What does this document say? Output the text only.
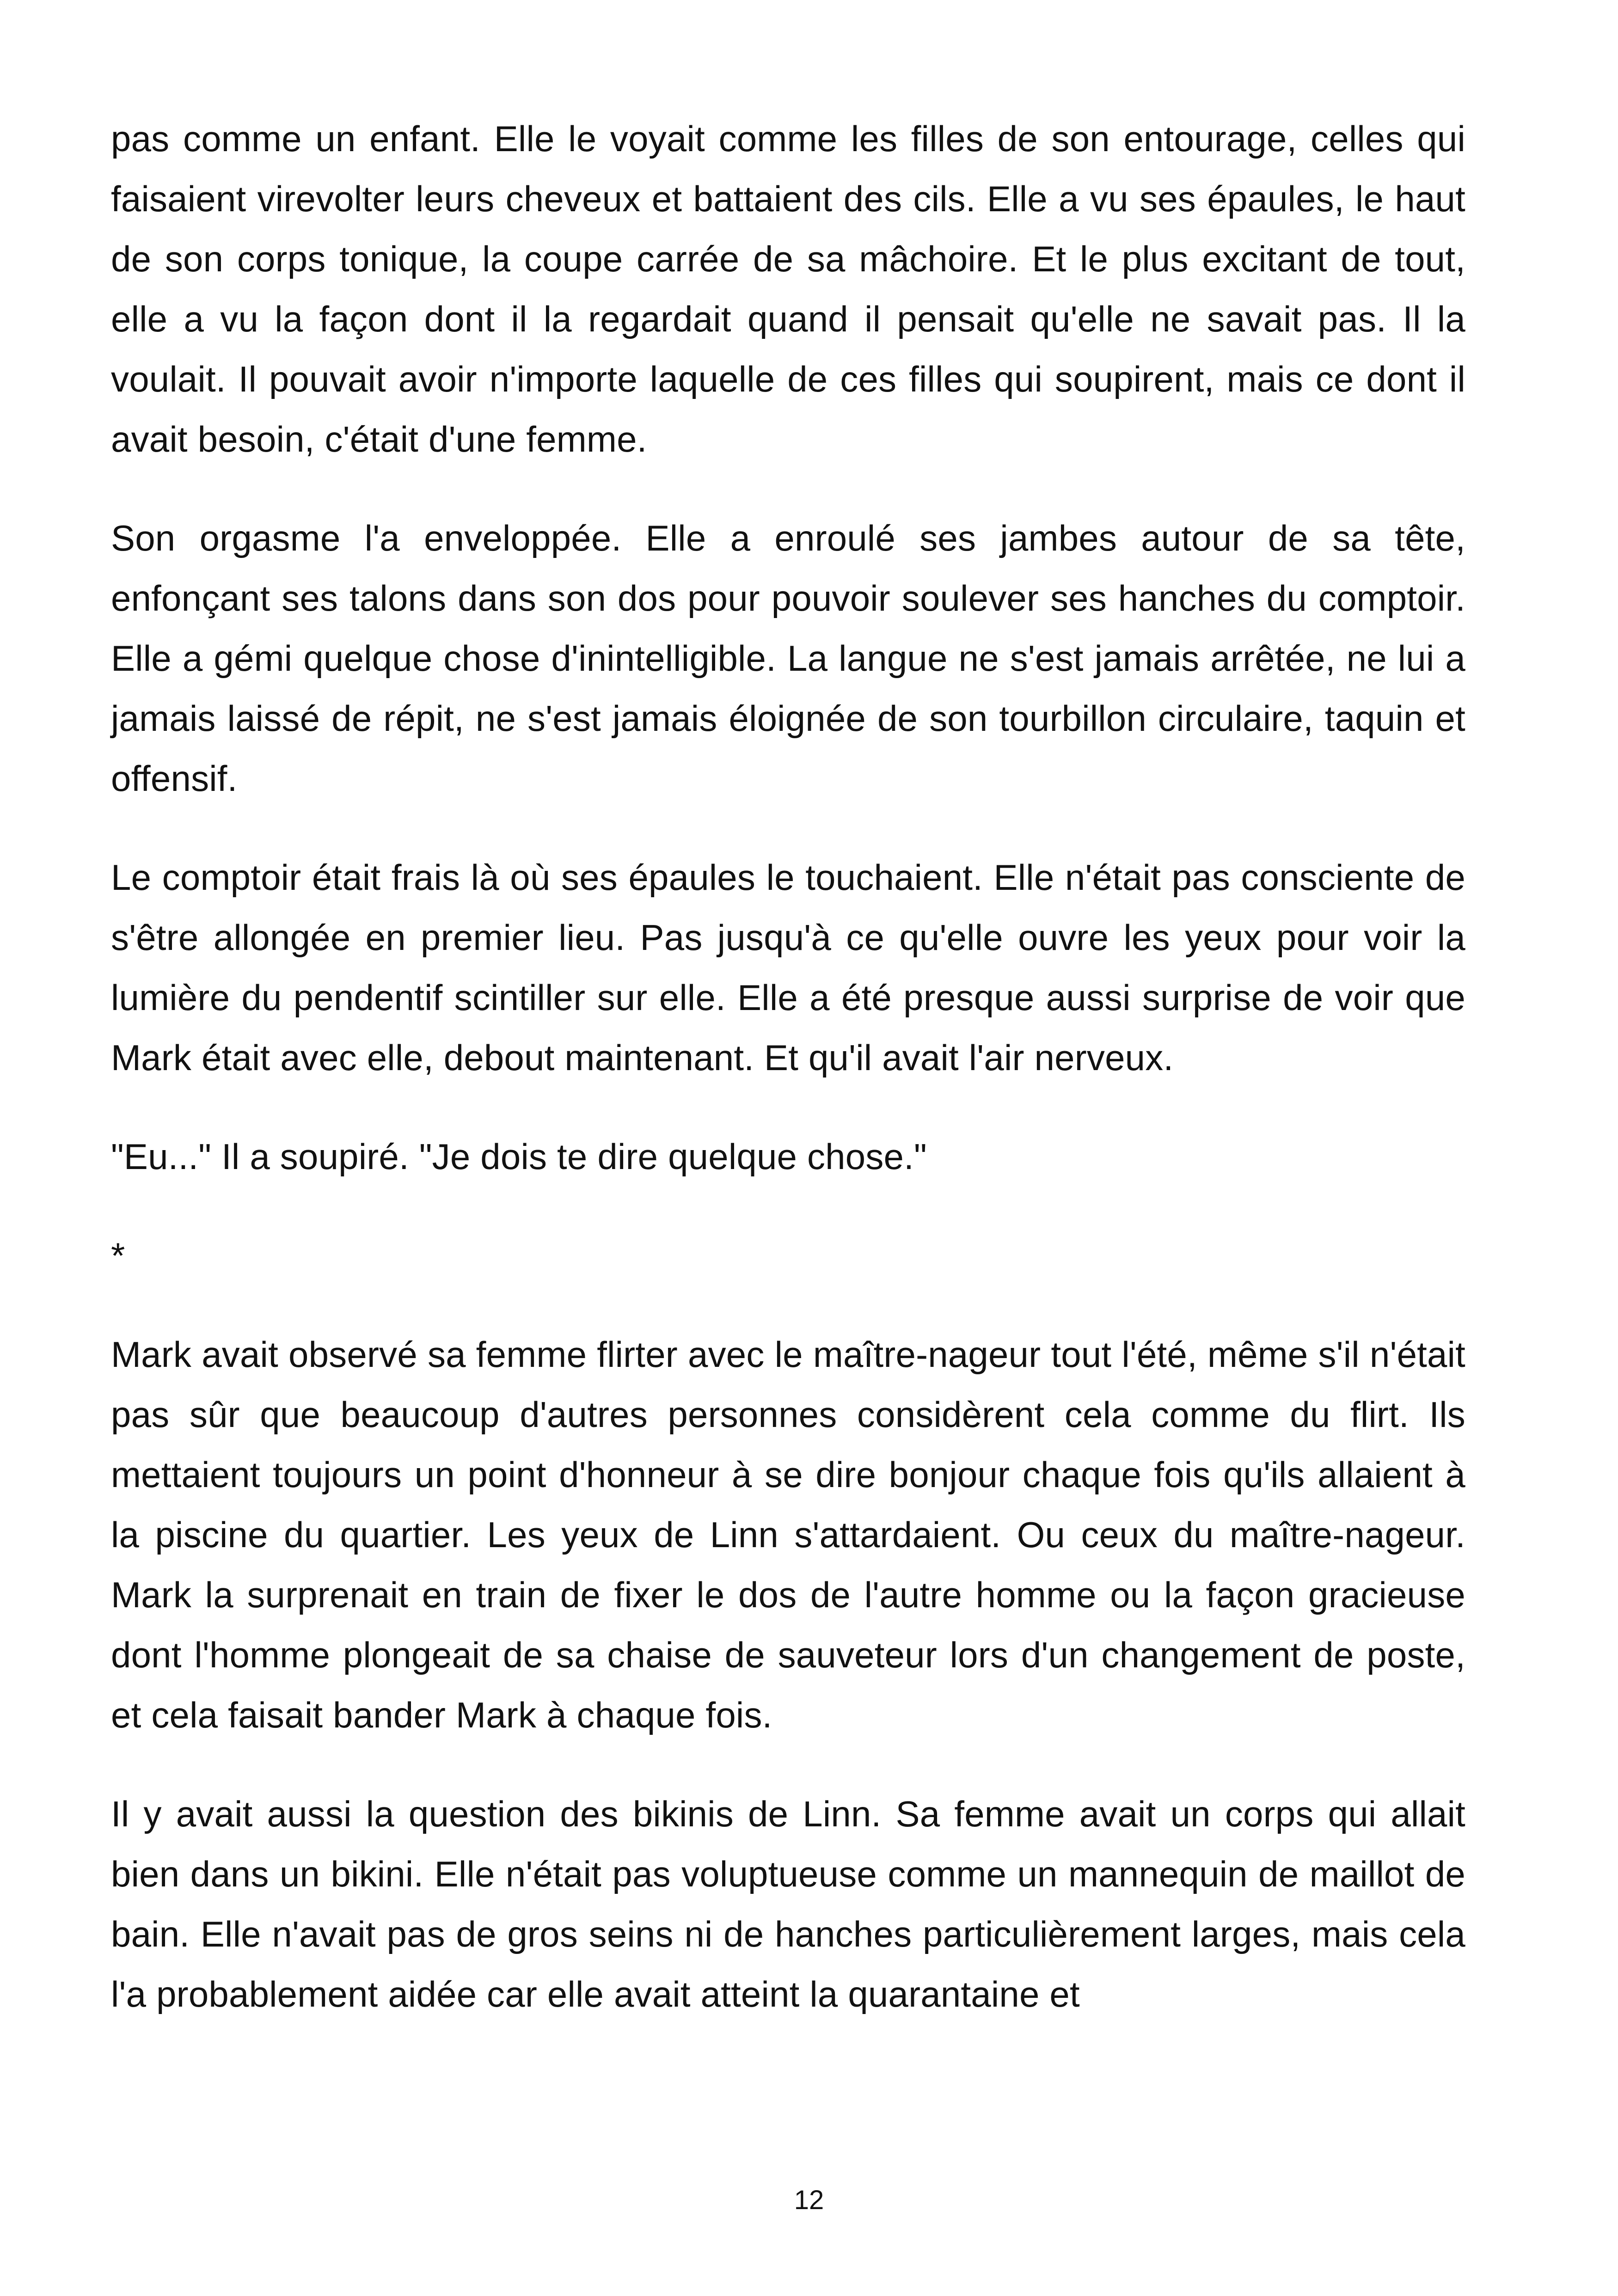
pas comme un enfant. Elle le voyait comme les filles de son entourage, celles qui faisaient virevolter leurs cheveux et battaient des cils. Elle a vu ses épaules, le haut de son corps tonique, la coupe carrée de sa mâchoire. Et le plus excitant de tout, elle a vu la façon dont il la regardait quand il pensait qu'elle ne savait pas. Il la voulait. Il pouvait avoir n'importe laquelle de ces filles qui soupirent, mais ce dont il avait besoin, c'était d'une femme.

Son orgasme l'a enveloppée. Elle a enroulé ses jambes autour de sa tête, enfonçant ses talons dans son dos pour pouvoir soulever ses hanches du comptoir. Elle a gémi quelque chose d'inintelligible. La langue ne s'est jamais arrêtée, ne lui a jamais laissé de répit, ne s'est jamais éloignée de son tourbillon circulaire, taquin et offensif.

Le comptoir était frais là où ses épaules le touchaient. Elle n'était pas consciente de s'être allongée en premier lieu. Pas jusqu'à ce qu'elle ouvre les yeux pour voir la lumière du pendentif scintiller sur elle. Elle a été presque aussi surprise de voir que Mark était avec elle, debout maintenant. Et qu'il avait l'air nerveux.

"Eu..." Il a soupiré. "Je dois te dire quelque chose."

*

Mark avait observé sa femme flirter avec le maître-nageur tout l'été, même s'il n'était pas sûr que beaucoup d'autres personnes considèrent cela comme du flirt. Ils mettaient toujours un point d'honneur à se dire bonjour chaque fois qu'ils allaient à la piscine du quartier. Les yeux de Linn s'attardaient. Ou ceux du maître-nageur. Mark la surprenait en train de fixer le dos de l'autre homme ou la façon gracieuse dont l'homme plongeait de sa chaise de sauveteur lors d'un changement de poste, et cela faisait bander Mark à chaque fois.

Il y avait aussi la question des bikinis de Linn. Sa femme avait un corps qui allait bien dans un bikini. Elle n'était pas voluptueuse comme un mannequin de maillot de bain. Elle n'avait pas de gros seins ni de hanches particulièrement larges, mais cela l'a probablement aidée car elle avait atteint la quarantaine et

12
